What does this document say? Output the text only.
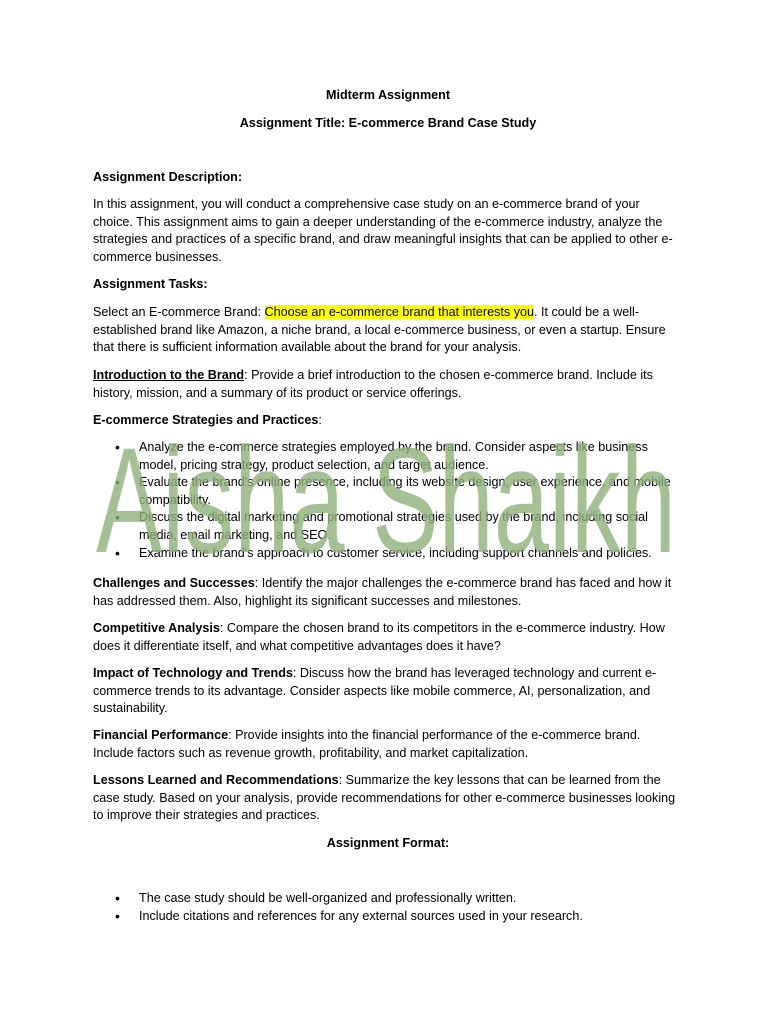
Midterm Assignment

Assignment Title: E-commerce Brand Case Study

Assignment Description:

In this assignment, you will conduct a comprehensive case study on an e-commerce brand of your choice. This assignment aims to gain a deeper understanding of the e-commerce industry, analyze the strategies and practices of a specific brand, and draw meaningful insights that can be applied to other e-commerce businesses.

Assignment Tasks:

Select an E-commerce Brand: Choose an e-commerce brand that interests you. It could be a well-established brand like Amazon, a niche brand, a local e-commerce business, or even a startup. Ensure that there is sufficient information available about the brand for your analysis.

Introduction to the Brand: Provide a brief introduction to the chosen e-commerce brand. Include its history, mission, and a summary of its product or service offerings.

E-commerce Strategies and Practices:

• Analyze the e-commerce strategies employed by the brand. Consider aspects like business model, pricing strategy, product selection, and target audience.
• Evaluate the brand's online presence, including its website design, user experience, and mobile compatibility.
• Discuss the digital marketing and promotional strategies used by the brand, including social media, email marketing, and SEO.
• Examine the brand's approach to customer service, including support channels and policies.

Challenges and Successes: Identify the major challenges the e-commerce brand has faced and how it has addressed them. Also, highlight its significant successes and milestones.

Competitive Analysis: Compare the chosen brand to its competitors in the e-commerce industry. How does it differentiate itself, and what competitive advantages does it have?

Impact of Technology and Trends: Discuss how the brand has leveraged technology and current e-commerce trends to its advantage. Consider aspects like mobile commerce, AI, personalization, and sustainability.

Financial Performance: Provide insights into the financial performance of the e-commerce brand. Include factors such as revenue growth, profitability, and market capitalization.

Lessons Learned and Recommendations: Summarize the key lessons that can be learned from the case study. Based on your analysis, provide recommendations for other e-commerce businesses looking to improve their strategies and practices.

Assignment Format:

• The case study should be well-organized and professionally written.
• Include citations and references for any external sources used in your research.
Aisha Shaikh
